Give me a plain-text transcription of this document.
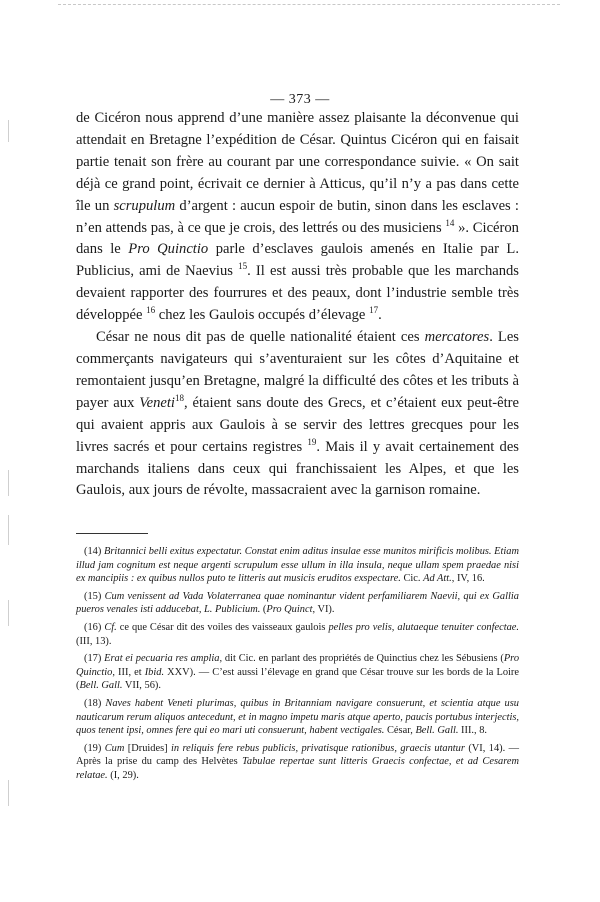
— 373 —

de Cicéron nous apprend d’une manière assez plaisante la déconvenue qui attendait en Bretagne l’expédition de César. Quintus Cicéron qui en faisait partie tenait son frère au courant par une correspondance suivie. « On sait déjà ce grand point, écrivait ce dernier à Atticus, qu’il n’y a pas dans cette île un scrupulum d’argent : aucun espoir de butin, sinon dans les esclaves : n’en attends pas, à ce que je crois, des lettrés ou des musiciens $^{14}$ ». Cicéron dans le Pro Quinctio parle d’esclaves gaulois amenés en Italie par L. Publicius, ami de Naevius $^{15}$. Il est aussi très probable que les marchands devaient rapporter des fourrures et des peaux, dont l’industrie semble très développée $^{16}$ chez les Gaulois occupés d’élevage $^{17}$.

César ne nous dit pas de quelle nationalité étaient ces mercatores. Les commerçants navigateurs qui s’aventuraient sur les côtes d’Aquitaine et remontaient jusqu’en Bretagne, malgré la difficulté des côtes et les tributs à payer aux Veneti$^{18}$, étaient sans doute des Grecs, et c’étaient eux peut-être qui avaient appris aux Gaulois à se servir des lettres grecques pour les livres sacrés et pour certains registres $^{19}$. Mais il y avait certainement des marchands italiens dans ceux qui franchissaient les Alpes, et que les Gaulois, aux jours de révolte, massacraient avec la garnison romaine.

(14) Britannici belli exitus expectatur. Constat enim aditus insulae esse munitos mirificis molibus. Etiam illud jam cognitum est neque argenti scrupulum esse ullum in illa insula, neque ullam spem praedae nisi ex mancipiis : ex quibus nullos puto te litteris aut musicis eruditos exspectare. Cic. Ad Att., IV, 16.

(15) Cum venissent ad Vada Volaterranea quae nominantur vident perfamiliarem Naevii, qui ex Gallia pueros venales isti adducebat, L. Publicium. (Pro Quinct, VI).

(16) Cf. ce que César dit des voiles des vaisseaux gaulois pelles pro velis, alutaeque tenuiter confectae. (III, 13).

(17) Erat ei pecuaria res amplia, dit Cic. en parlant des propriétés de Quinctius chez les Sébusiens (Pro Quinctio, III, et Ibid. XXV). — C’est aussi l’élevage en grand que César trouve sur les bords de la Loire (Bell. Gall. VII, 56).

(18) Naves habent Veneti plurimas, quibus in Britanniam navigare consuerunt, et scientia atque usu nauticarum rerum aliquos antecedunt, et in magno impetu maris atque aperto, paucis portubus interjectis, quos tenent ipsi, omnes fere qui eo mari uti consuerunt, habent vectigales. César, Bell. Gall. III., 8.

(19) Cum [Druides] in reliquis fere rebus publicis, privatisque rationibus, graecis utantur (VI, 14). — Après la prise du camp des Helvètes Tabulae repertae sunt litteris Graecis confectae, et ad Cesarem relatae. (I, 29).
